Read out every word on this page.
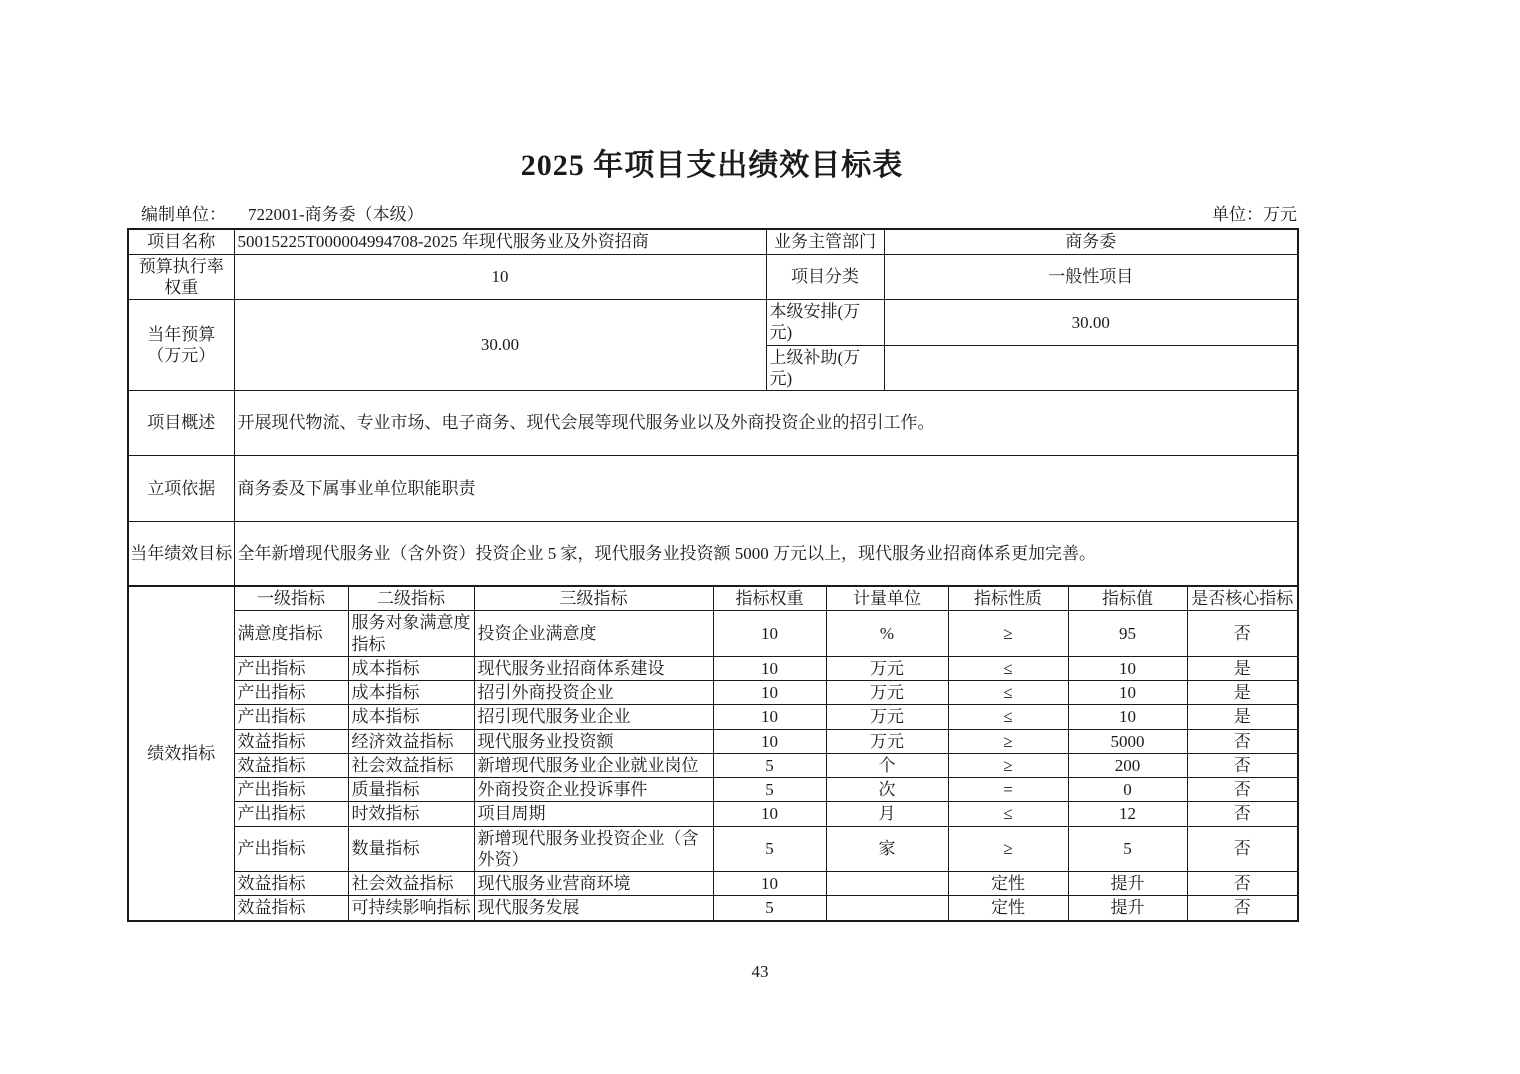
2025 年项目支出绩效目标表
编制单位： 722001-商务委（本级）	单位：万元
项目名称	50015225T000004994708-2025 年现代服务业及外资招商	业务主管部门	商务委
预算执行率权重	10	项目分类	一般性项目
当年预算（万元）	30.00	本级安排(万元)	30.00
		上级补助(万元)	
项目概述	开展现代物流、专业市场、电子商务、现代会展等现代服务业以及外商投资企业的招引工作。		
立项依据	商务委及下属事业单位职能职责		
当年绩效目标	全年新增现代服务业（含外资）投资企业 5 家，现代服务业投资额 5000 万元以上，现代服务业招商体系更加完善。		
绩效指标	一级指标	二级指标	三级指标	指标权重	计量单位	指标性质	指标值	是否核心指标
	满意度指标	服务对象满意度指标	投资企业满意度	10	%	≥	95	否
	产出指标	成本指标	现代服务业招商体系建设	10	万元	≤	10	是
	产出指标	成本指标	招引外商投资企业	10	万元	≤	10	是
	产出指标	成本指标	招引现代服务业企业	10	万元	≤	10	是
	效益指标	经济效益指标	现代服务业投资额	10	万元	≥	5000	否
	效益指标	社会效益指标	新增现代服务业企业就业岗位	5	个	≥	200	否
	产出指标	质量指标	外商投资企业投诉事件	5	次	=	0	否
	产出指标	时效指标	项目周期	10	月	≤	12	否
	产出指标	数量指标	新增现代服务业投资企业（含外资）	5	家	≥	5	否
	效益指标	社会效益指标	现代服务业营商环境	10		定性	提升	否
	效益指标	可持续影响指标	现代服务发展	5		定性	提升	否
43
